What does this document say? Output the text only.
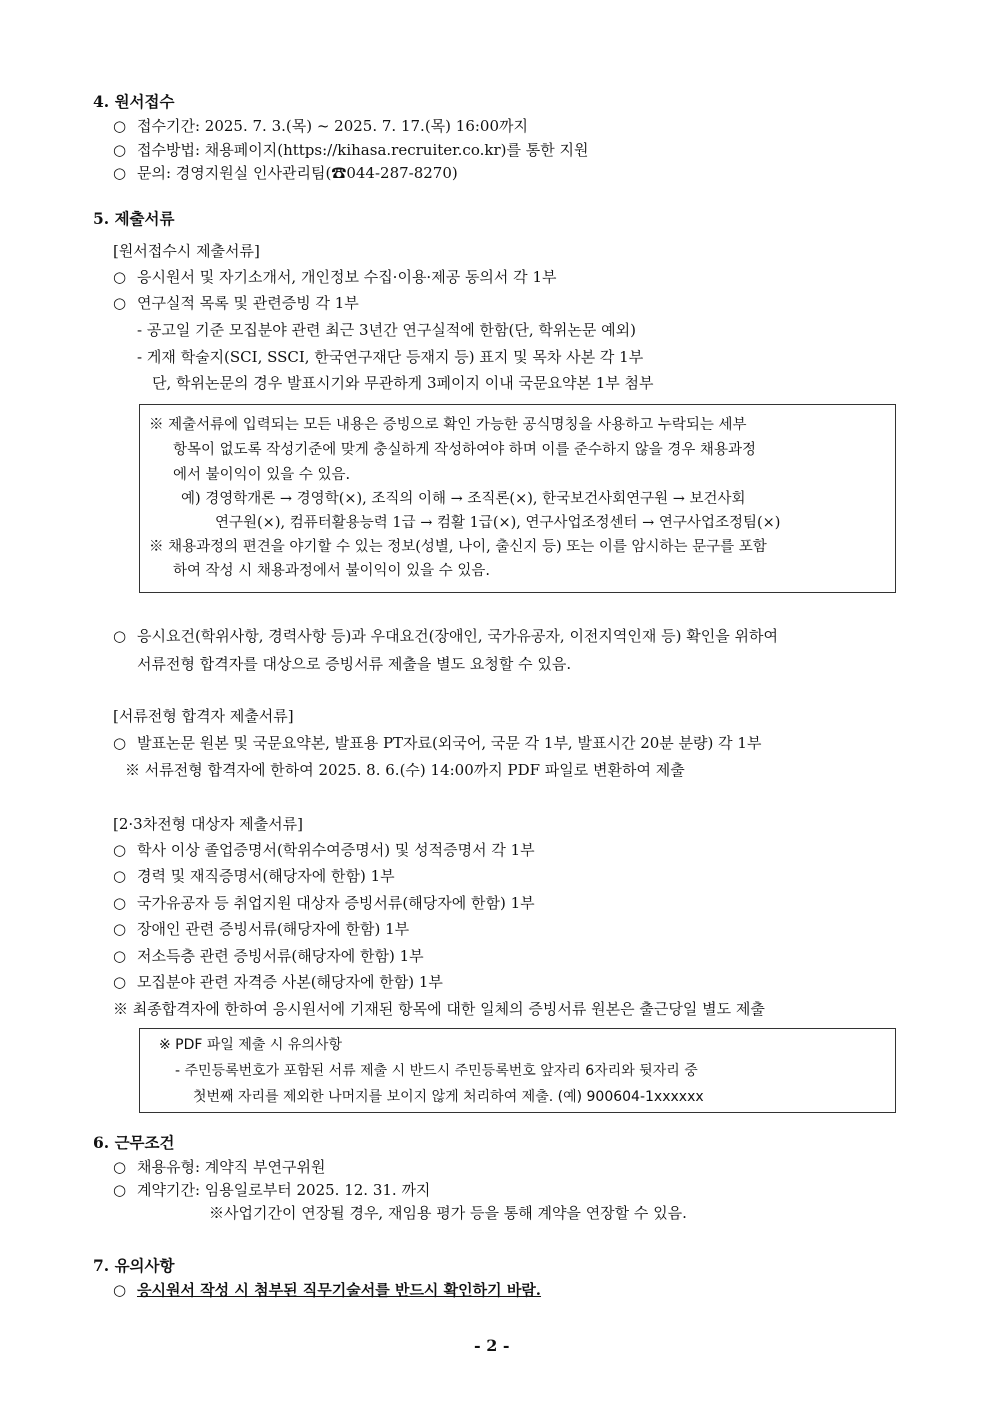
4. 원서접수
○ 접수기간: 2025. 7. 3.(목) ~ 2025. 7. 17.(목) 16:00까지
○ 접수방법: 채용페이지(https://kihasa.recruiter.co.kr)를 통한 지원
○ 문의: 경영지원실 인사관리팀(☎044-287-8270)
5. 제출서류
[원서접수시 제출서류]
○ 응시원서 및 자기소개서, 개인정보 수집·이용·제공 동의서 각 1부
○ 연구실적 목록 및 관련증빙 각 1부
- 공고일 기준 모집분야 관련 최근 3년간 연구실적에 한함(단, 학위논문 예외)
- 게재 학술지(SCI, SSCI, 한국연구재단 등재지 등) 표지 및 목차 사본 각 1부
단, 학위논문의 경우 발표시기와 무관하게 3페이지 이내 국문요약본 1부 첨부
※ 제출서류에 입력되는 모든 내용은 증빙으로 확인 가능한 공식명칭을 사용하고 누락되는 세부
항목이 없도록 작성기준에 맞게 충실하게 작성하여야 하며 이를 준수하지 않을 경우 채용과정
에서 불이익이 있을 수 있음.
예) 경영학개론 → 경영학(×), 조직의 이해 → 조직론(×), 한국보건사회연구원 → 보건사회
연구원(×), 컴퓨터활용능력 1급 → 컴활 1급(×), 연구사업조정센터 → 연구사업조정팀(×)
※ 채용과정의 편견을 야기할 수 있는 정보(성별, 나이, 출신지 등) 또는 이를 암시하는 문구를 포함
하여 작성 시 채용과정에서 불이익이 있을 수 있음.
○ 응시요건(학위사항, 경력사항 등)과 우대요건(장애인, 국가유공자, 이전지역인재 등) 확인을 위하여
서류전형 합격자를 대상으로 증빙서류 제출을 별도 요청할 수 있음.
[서류전형 합격자 제출서류]
○ 발표논문 원본 및 국문요약본, 발표용 PT자료(외국어, 국문 각 1부, 발표시간 20분 분량) 각 1부
※ 서류전형 합격자에 한하여 2025. 8. 6.(수) 14:00까지 PDF 파일로 변환하여 제출
[2·3차전형 대상자 제출서류]
○ 학사 이상 졸업증명서(학위수여증명서) 및 성적증명서 각 1부
○ 경력 및 재직증명서(해당자에 한함) 1부
○ 국가유공자 등 취업지원 대상자 증빙서류(해당자에 한함) 1부
○ 장애인 관련 증빙서류(해당자에 한함) 1부
○ 저소득층 관련 증빙서류(해당자에 한함) 1부
○ 모집분야 관련 자격증 사본(해당자에 한함) 1부
※ 최종합격자에 한하여 응시원서에 기재된 항목에 대한 일체의 증빙서류 원본은 출근당일 별도 제출
※ PDF 파일 제출 시 유의사항
- 주민등록번호가 포함된 서류 제출 시 반드시 주민등록번호 앞자리 6자리와 뒷자리 중
첫번째 자리를 제외한 나머지를 보이지 않게 처리하여 제출. (예) 900604-1xxxxxx
6. 근무조건
○ 채용유형: 계약직 부연구위원
○ 계약기간: 임용일로부터 2025. 12. 31. 까지
※사업기간이 연장될 경우, 재임용 평가 등을 통해 계약을 연장할 수 있음.
7. 유의사항
○ 응시원서 작성 시 첨부된 직무기술서를 반드시 확인하기 바람.
- 2 -
